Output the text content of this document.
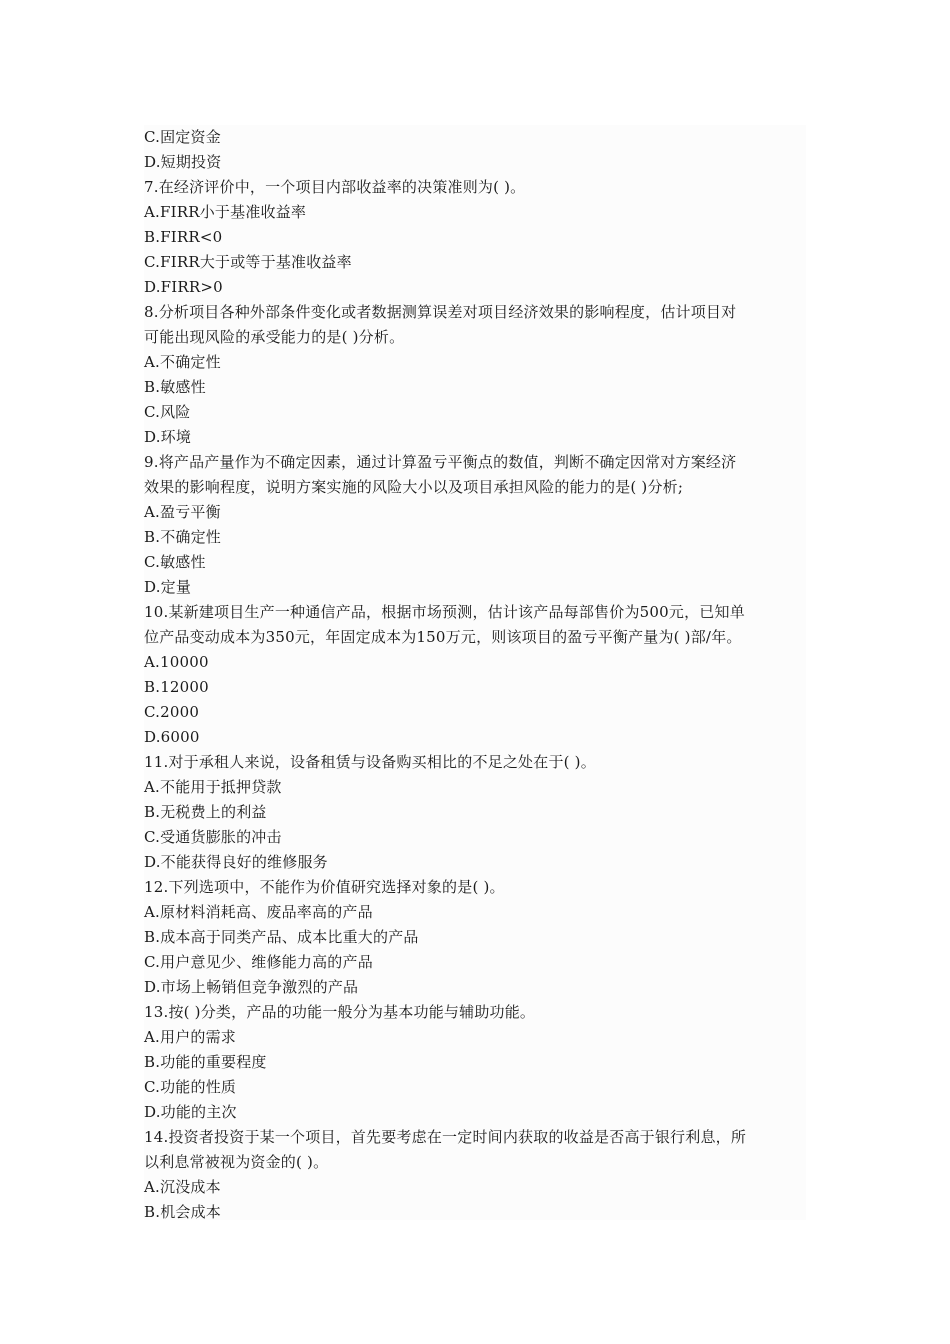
C.固定资金
D.短期投资
7.在经济评价中，一个项目内部收益率的决策准则为( )。
A.FIRR小于基准收益率
B.FIRR<0
C.FIRR大于或等于基准收益率
D.FIRR>0
8.分析项目各种外部条件变化或者数据测算误差对项目经济效果的影响程度，估计项目对
可能出现风险的承受能力的是( )分析。
A.不确定性
B.敏感性
C.风险
D.环境
9.将产品产量作为不确定因素，通过计算盈亏平衡点的数值，判断不确定因常对方案经济
效果的影响程度，说明方案实施的风险大小以及项目承担风险的能力的是( )分析;
A.盈亏平衡
B.不确定性
C.敏感性
D.定量
10.某新建项目生产一种通信产品，根据市场预测，估计该产品每部售价为500元，已知单
位产品变动成本为350元，年固定成本为150万元，则该项目的盈亏平衡产量为( )部/年。
A.10000
B.12000
C.2000
D.6000
11.对于承租人来说，设备租赁与设备购买相比的不足之处在于( )。
A.不能用于抵押贷款
B.无税费上的利益
C.受通货膨胀的冲击
D.不能获得良好的维修服务
12.下列选项中，不能作为价值研究选择对象的是( )。
A.原材料消耗高、废品率高的产品
B.成本高于同类产品、成本比重大的产品
C.用户意见少、维修能力高的产品
D.市场上畅销但竞争激烈的产品
13.按( )分类，产品的功能一般分为基本功能与辅助功能。
A.用户的需求
B.功能的重要程度
C.功能的性质
D.功能的主次
14.投资者投资于某一个项目，首先要考虑在一定时间内获取的收益是否高于银行利息，所
以利息常被视为资金的( )。
A.沉没成本
B.机会成本
